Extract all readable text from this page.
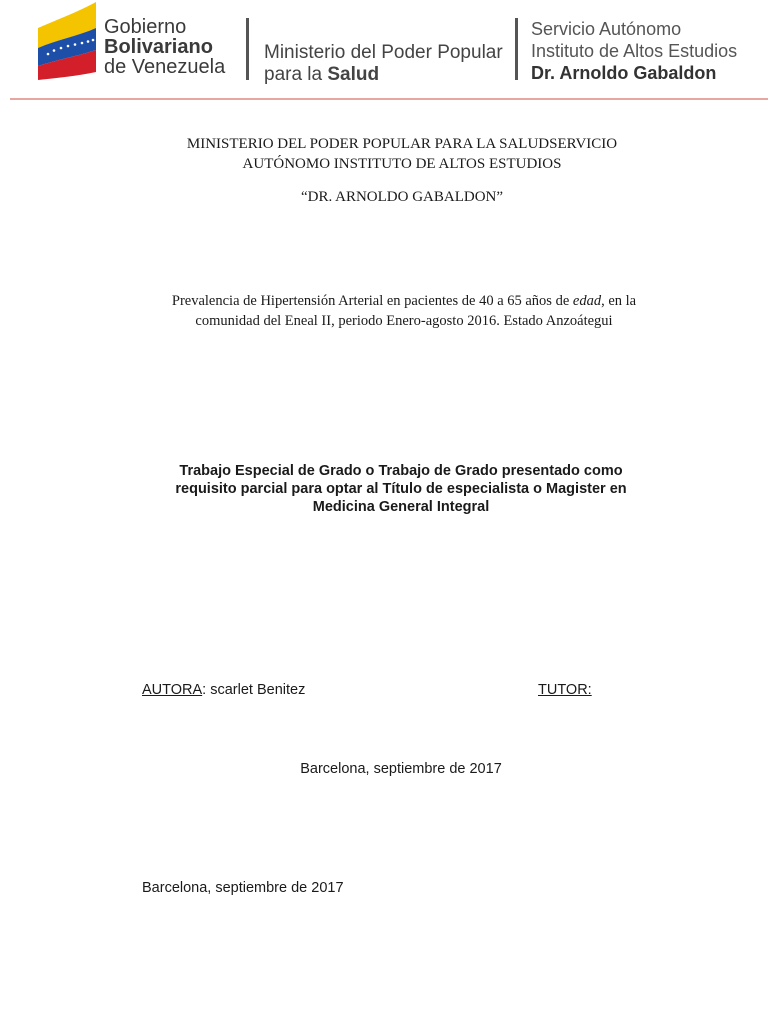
Gobierno
Bolivariano
de Venezuela
Ministerio del Poder Popular
para la Salud
Servicio Autónomo
Instituto de Altos Estudios
Dr. Arnoldo Gabaldon
MINISTERIO DEL PODER POPULAR PARA LA SALUDSERVICIO AUTÓNOMO INSTITUTO DE ALTOS ESTUDIOS
“DR. ARNOLDO GABALDON”
Prevalencia de Hipertensión Arterial en pacientes de 40 a 65 años de edad, en la comunidad del Eneal II, periodo Enero-agosto 2016. Estado Anzoátegui
Trabajo Especial de Grado o Trabajo de Grado presentado como requisito parcial para optar al Título de especialista o Magister en Medicina General Integral
AUTORA: scarlet Benitez	TUTOR:
Barcelona, septiembre de 2017
Barcelona, septiembre de 2017
